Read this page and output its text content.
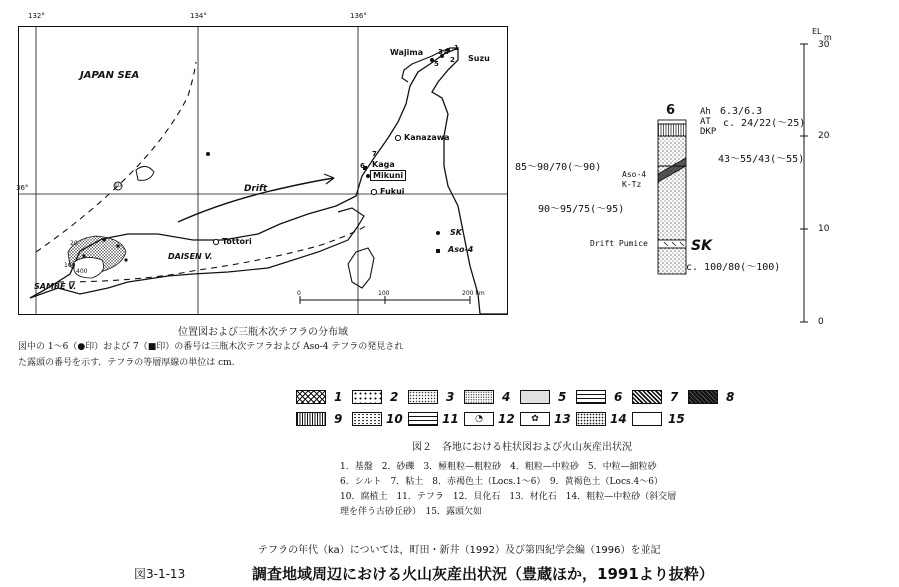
132°	134°	136°
36°
JAPAN SEA
Wajima
Suzu
1
2
3 4
5
6
7
Kanazawa
Kaga
Mikuni
Fukui
Tottori
DAISEN V.
SAMBE V.
Drift
20
100
400
10
SK
Aso-4
0	100	200 km
位置図および三瓶木次テフラの分布域
図中の 1～6（●印）および 7（■印）の番号は三瓶木次テフラおよび Aso-4 テフラの発見され
た露頭の番号を示す．テフラの等層厚線の単位は cm.
6	Ah 6.3/6.3
AT
DKP
Aso-4
K-Tz
Drift Pumice	SK
c. 24/22(～25)
43～55/43(～55)
85～90/70(～90)
90～95/75(～95)
c. 100/80(～100)
EL
m
30
20
10
0
1	2	3	4	5	6	7	8
9	10	11	◔	12	✿	13	14	15
図２　各地における柱状図および火山灰産出状況
1．基盤　2．砂礫　3．極粗粒—粗粒砂　4．粗粒—中粒砂　5．中粒—細粒砂
6．シルト　7．粘土　8．赤褐色土（Locs.1～6）　9．黄褐色土（Locs.4～6）
10．腐植土　11．テフラ　12．貝化石　13．材化石　14．粗粒—中粒砂（斜交層
理を伴う古砂丘砂）　15．露頭欠如
テフラの年代（ka）については，町田・新井（1992）及び第四紀学会編（1996）を並記
図3-1-13	調査地域周辺における火山灰産出状況（豊蔵ほか，1991より抜粋）
